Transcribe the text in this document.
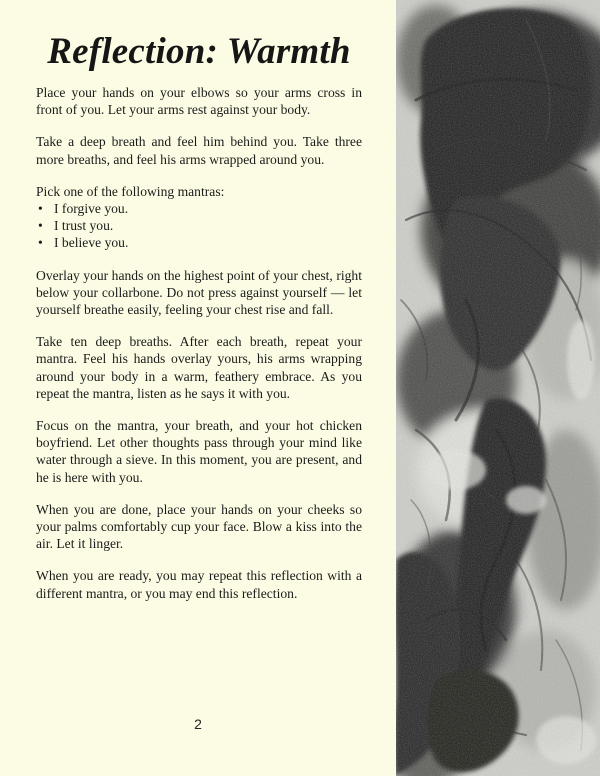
Reflection: Warmth

Place your hands on your elbows so your arms cross in front of you. Let your arms rest against your body.

Take a deep breath and feel him behind you. Take three more breaths, and feel his arms wrapped around you.

Pick one of the following mantras:

• I forgive you.
• I trust you.
• I believe you.

Overlay your hands on the highest point of your chest, right below your collarbone. Do not press against yourself — let yourself breathe easily, feeling your chest rise and fall.

Take ten deep breaths. After each breath, repeat your mantra. Feel his hands overlay yours, his arms wrapping around your body in a warm, feathery embrace. As you repeat the mantra, listen as he says it with you.

Focus on the mantra, your breath, and your hot chicken boyfriend. Let other thoughts pass through your mind like water through a sieve. In this moment, you are present, and he is here with you.

When you are done, place your hands on your cheeks so your palms comfortably cup your face. Blow a kiss into the air. Let it linger.

When you are ready, you may repeat this reflection with a different mantra, or you may end this reflection.

2
